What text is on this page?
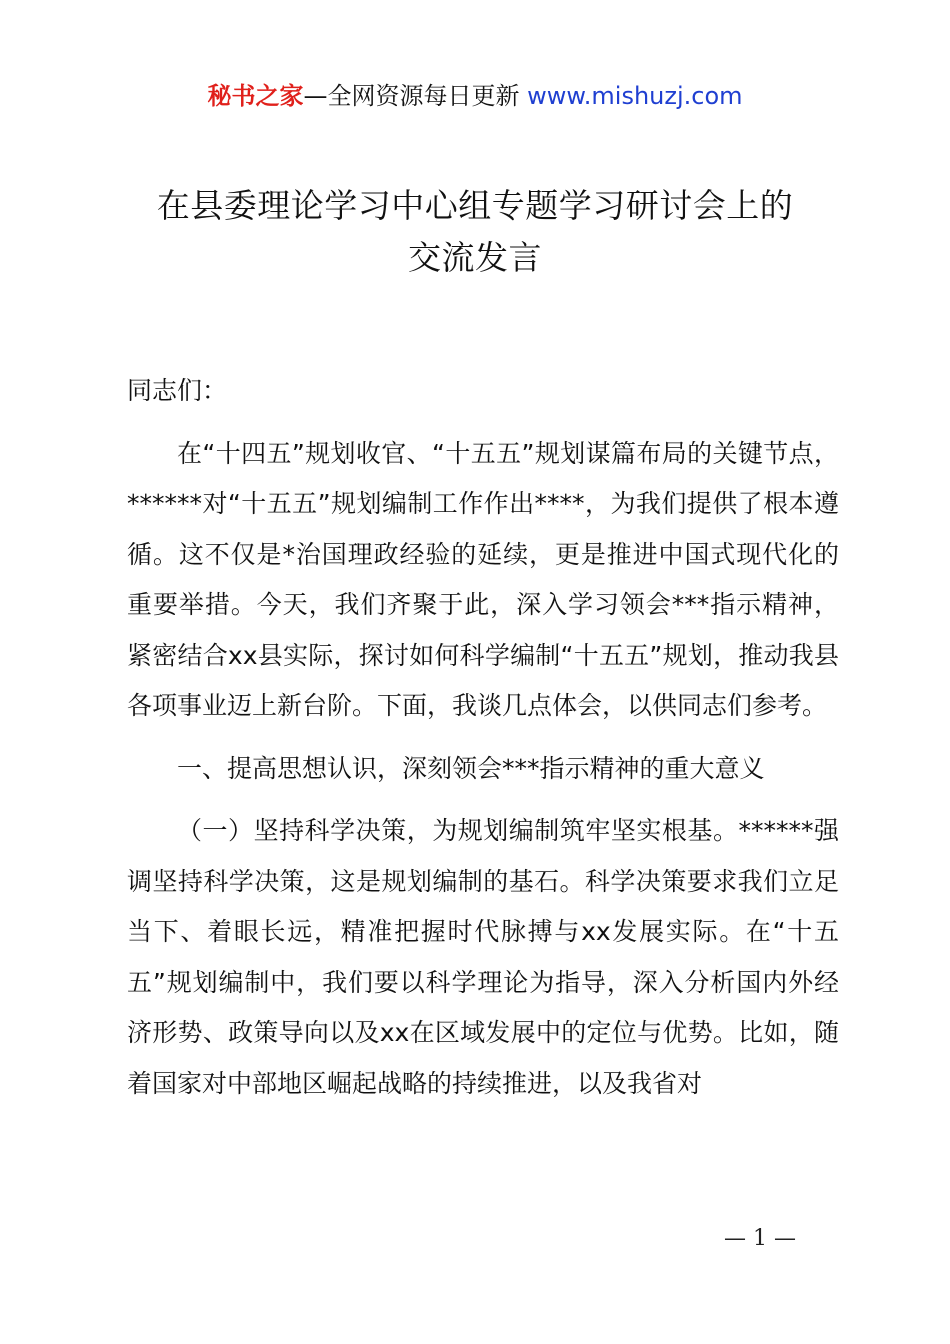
秘书之家—全网资源每日更新 www.mishuzj.com
在县委理论学习中心组专题学习研讨会上的
交流发言

同志们：

在“十四五”规划收官、“十五五”规划谋篇布局的关键节点，******对“十五五”规划编制工作作出****，为我们提供了根本遵循。这不仅是*治国理政经验的延续，更是推进中国式现代化的重要举措。今天，我们齐聚于此，深入学习领会***指示精神，紧密结合xx县实际，探讨如何科学编制“十五五”规划，推动我县各项事业迈上新台阶。下面，我谈几点体会，以供同志们参考。

一、提高思想认识，深刻领会***指示精神的重大意义

（一）坚持科学决策，为规划编制筑牢坚实根基。******强调坚持科学决策，这是规划编制的基石。科学决策要求我们立足当下、着眼长远，精准把握时代脉搏与xx发展实际。在“十五五”规划编制中，我们要以科学理论为指导，深入分析国内外经济形势、政策导向以及xx在区域发展中的定位与优势。比如，随着国家对中部地区崛起战略的持续推进，以及我省对

— 1 —
